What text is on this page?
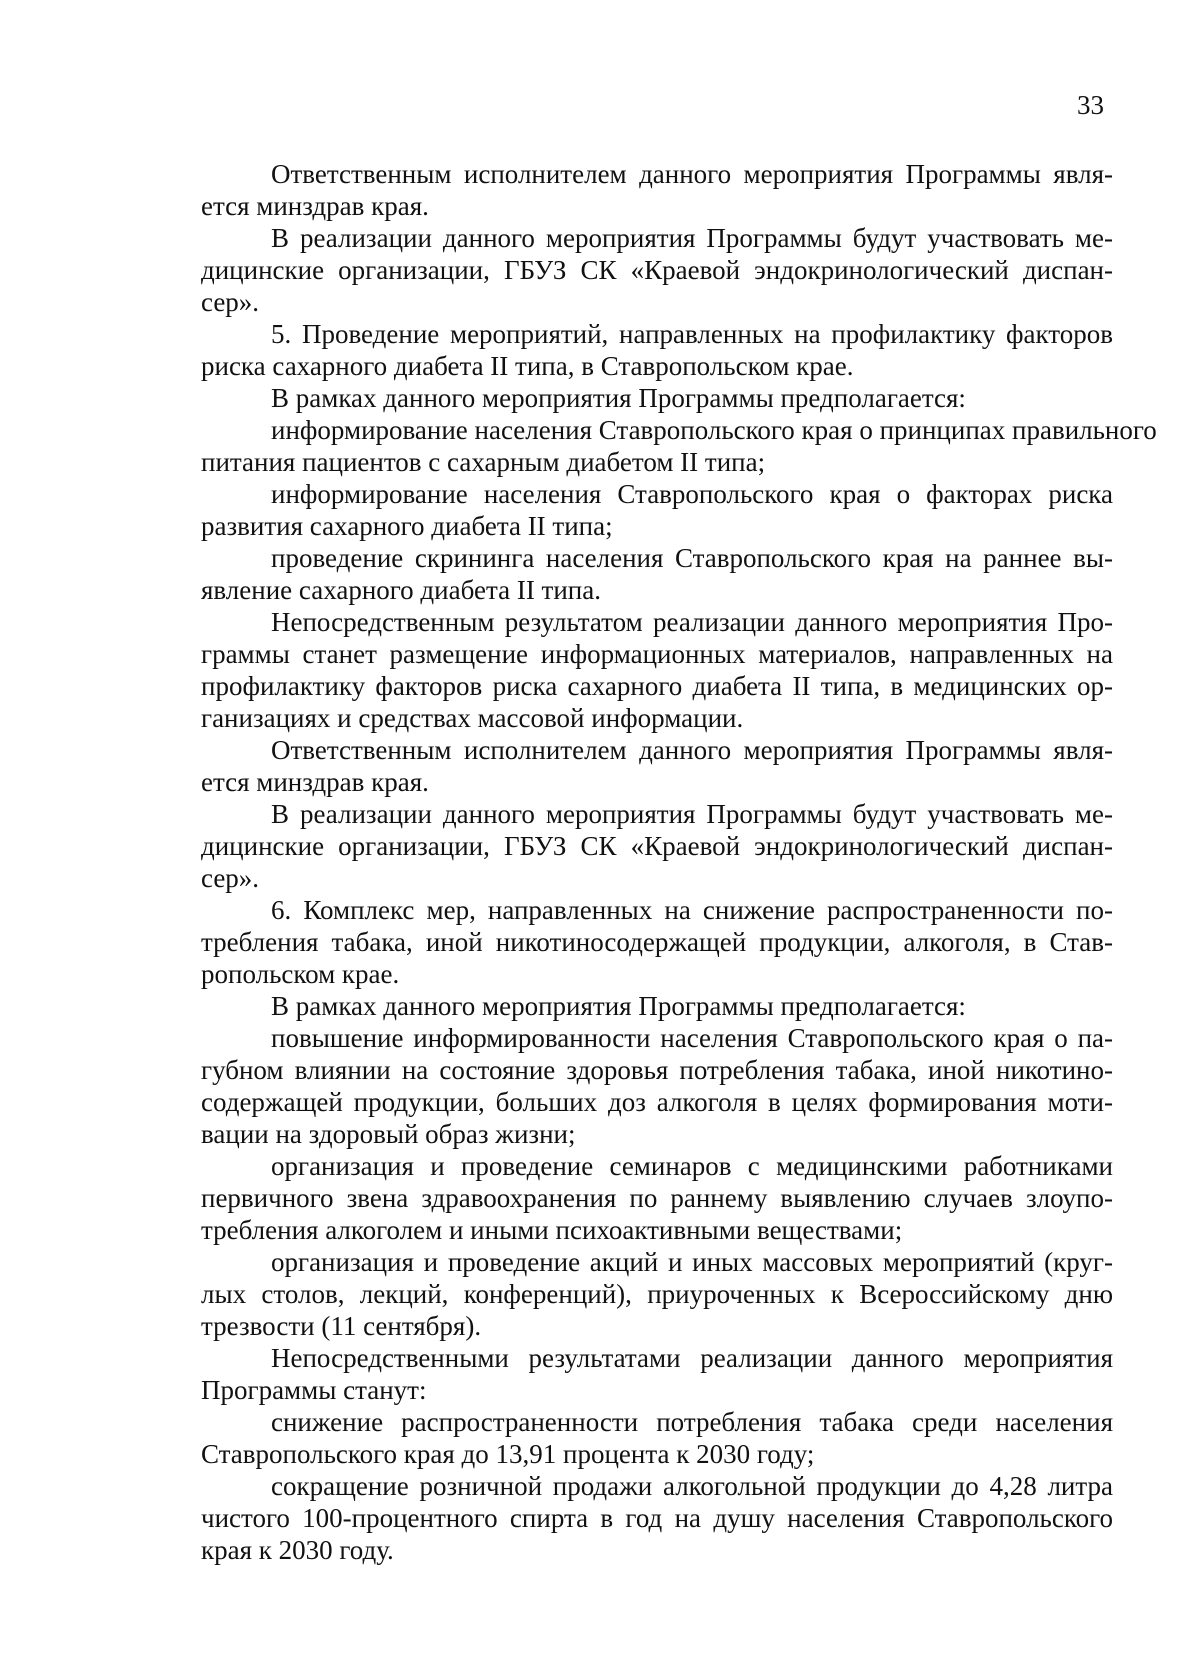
33
Ответственным исполнителем данного мероприятия Программы явля-
ется минздрав края.
В реализации данного мероприятия Программы будут участвовать ме-
дицинские организации, ГБУЗ СК «Краевой эндокринологический диспан-
сер».
5. Проведение мероприятий, направленных на профилактику факторов
риска сахарного диабета II типа, в Ставропольском крае.
В рамках данного мероприятия Программы предполагается:
информирование населения Ставропольского края о принципах правильного
питания пациентов с сахарным диабетом II типа;
информирование населения Ставропольского края о факторах риска
развития сахарного диабета II типа;
проведение скрининга населения Ставропольского края на раннее вы-
явление сахарного диабета II типа.
Непосредственным результатом реализации данного мероприятия Про-
граммы станет размещение информационных материалов, направленных на
профилактику факторов риска сахарного диабета II типа, в медицинских ор-
ганизациях и средствах массовой информации.
Ответственным исполнителем данного мероприятия Программы явля-
ется минздрав края.
В реализации данного мероприятия Программы будут участвовать ме-
дицинские организации, ГБУЗ СК «Краевой эндокринологический диспан-
сер».
6. Комплекс мер, направленных на снижение распространенности по-
требления табака, иной никотиносодержащей продукции, алкоголя, в Став-
ропольском крае.
В рамках данного мероприятия Программы предполагается:
повышение информированности населения Ставропольского края о па-
губном влиянии на состояние здоровья потребления табака, иной никотино-
содержащей продукции, больших доз алкоголя в целях формирования моти-
вации на здоровый образ жизни;
организация и проведение семинаров с медицинскими работниками
первичного звена здравоохранения по раннему выявлению случаев злоупо-
требления алкоголем и иными психоактивными веществами;
организация и проведение акций и иных массовых мероприятий (круг-
лых столов, лекций, конференций), приуроченных к Всероссийскому дню
трезвости (11 сентября).
Непосредственными результатами реализации данного мероприятия
Программы станут:
снижение распространенности потребления табака среди населения
Ставропольского края до 13,91 процента к 2030 году;
сокращение розничной продажи алкогольной продукции до 4,28 литра
чистого 100-процентного спирта в год на душу населения Ставропольского
края к 2030 году.
